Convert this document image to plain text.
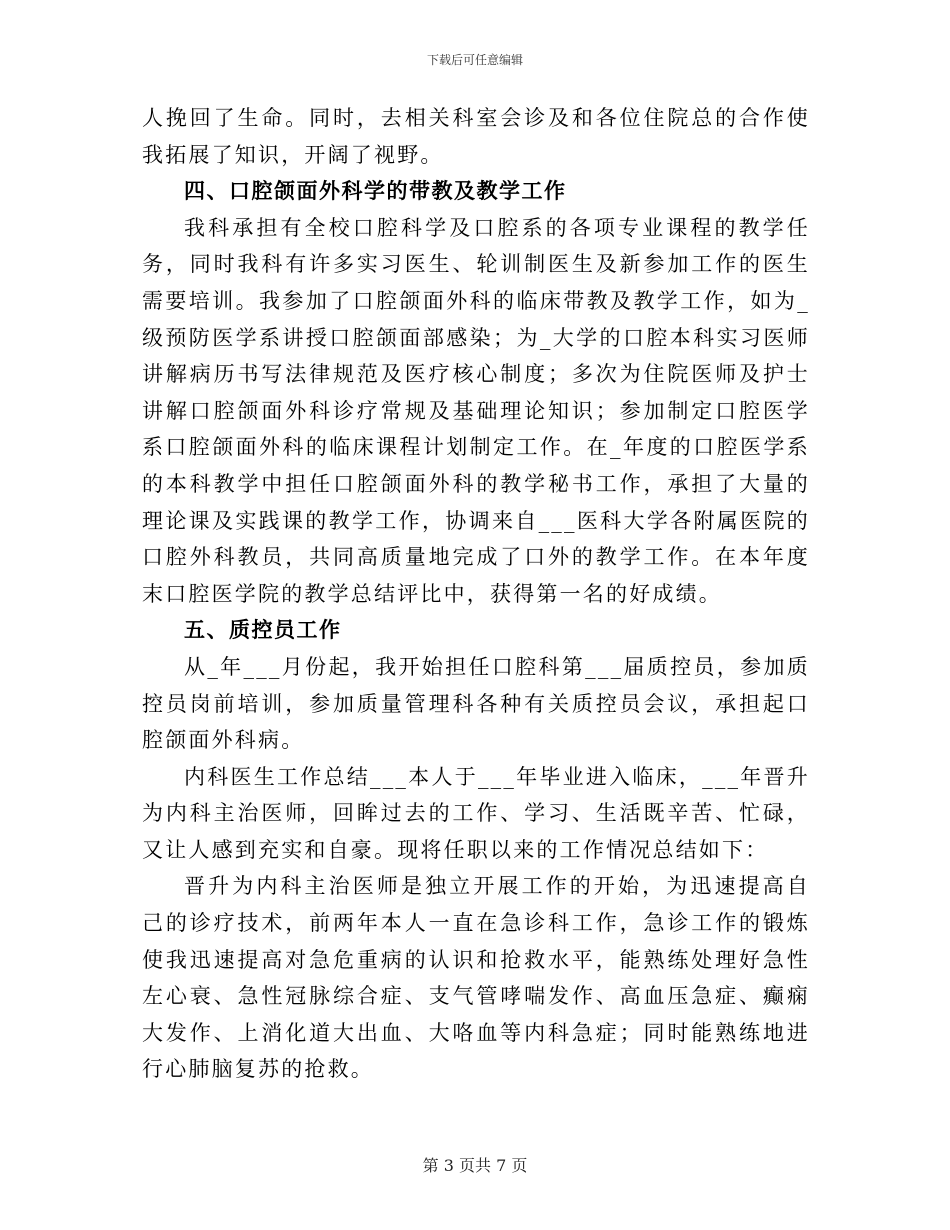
下载后可任意编辑

人挽回了生命。同时，去相关科室会诊及和各位住院总的合作使我拓展了知识，开阔了视野。

四、口腔颌面外科学的带教及教学工作

我科承担有全校口腔科学及口腔系的各项专业课程的教学任务，同时我科有许多实习医生、轮训制医生及新参加工作的医生需要培训。我参加了口腔颌面外科的临床带教及教学工作，如为_级预防医学系讲授口腔颌面部感染；为_大学的口腔本科实习医师讲解病历书写法律规范及医疗核心制度；多次为住院医师及护士讲解口腔颌面外科诊疗常规及基础理论知识；参加制定口腔医学系口腔颌面外科的临床课程计划制定工作。在_年度的口腔医学系的本科教学中担任口腔颌面外科的教学秘书工作，承担了大量的理论课及实践课的教学工作，协调来自___医科大学各附属医院的口腔外科教员，共同高质量地完成了口外的教学工作。在本年度末口腔医学院的教学总结评比中，获得第一名的好成绩。

五、质控员工作

从_年___月份起，我开始担任口腔科第___届质控员，参加质控员岗前培训，参加质量管理科各种有关质控员会议，承担起口腔颌面外科病。

内科医生工作总结___本人于___年毕业进入临床，___年晋升为内科主治医师，回眸过去的工作、学习、生活既辛苦、忙碌，又让人感到充实和自豪。现将任职以来的工作情况总结如下：

晋升为内科主治医师是独立开展工作的开始，为迅速提高自己的诊疗技术，前两年本人一直在急诊科工作，急诊工作的锻炼使我迅速提高对急危重病的认识和抢救水平，能熟练处理好急性左心衰、急性冠脉综合症、支气管哮喘发作、高血压急症、癫痫大发作、上消化道大出血、大咯血等内科急症；同时能熟练地进行心肺脑复苏的抢救。

第 3 页共 7 页
